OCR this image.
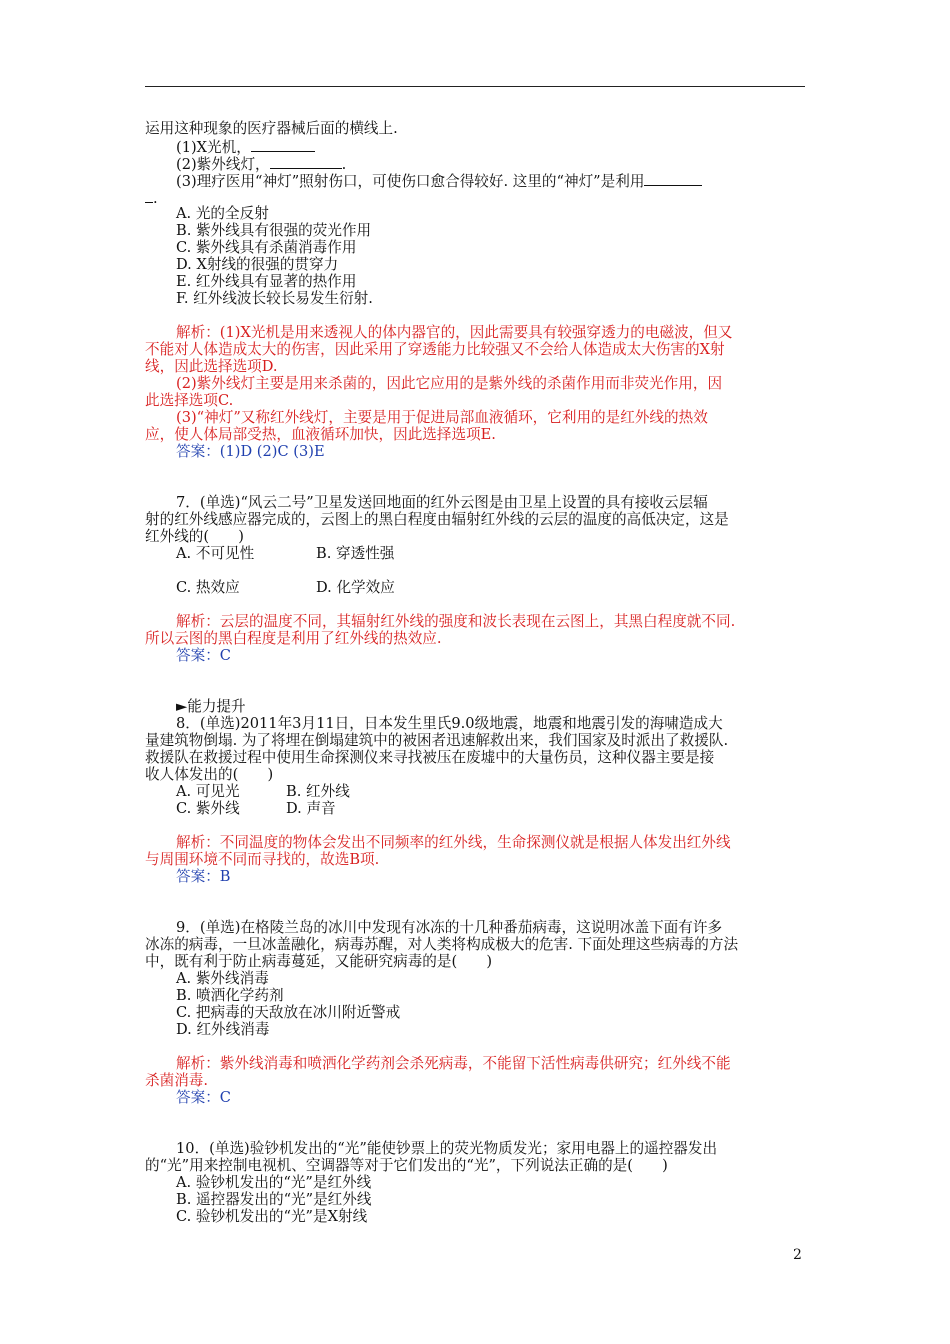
运用这种现象的医疗器械后面的横线上.
(1)X光机，
(2)紫外线灯，	.
(3)理疗医用“神灯”照射伤口，可使伤口愈合得较好. 这里的“神灯”是利用
.
A. 光的全反射
B. 紫外线具有很强的荧光作用
C. 紫外线具有杀菌消毒作用
D. X射线的很强的贯穿力
E. 红外线具有显著的热作用
F. 红外线波长较长易发生衍射.
解析：(1)X光机是用来透视人的体内器官的，因此需要具有较强穿透力的电磁波，但又
不能对人体造成太大的伤害，因此采用了穿透能力比较强又不会给人体造成太大伤害的X射
线，因此选择选项D.
(2)紫外线灯主要是用来杀菌的，因此它应用的是紫外线的杀菌作用而非荧光作用，因
此选择选项C.
(3)“神灯”又称红外线灯，主要是用于促进局部血液循环，它利用的是红外线的热效
应，使人体局部受热，血液循环加快，因此选择选项E.
答案：(1)D (2)C (3)E
7．(单选)“风云二号”卫星发送回地面的红外云图是由卫星上设置的具有接收云层辐
射的红外线感应器完成的，云图上的黑白程度由辐射红外线的云层的温度的高低决定，这是
红外线的(　　)
A. 不可见性	B. 穿透性强
C. 热效应	D. 化学效应
解析：云层的温度不同，其辐射红外线的强度和波长表现在云图上，其黑白程度就不同.
所以云图的黑白程度是利用了红外线的热效应.
答案：C
►能力提升
8．(单选)2011年3月11日，日本发生里氏9.0级地震，地震和地震引发的海啸造成大
量建筑物倒塌. 为了将埋在倒塌建筑中的被困者迅速解救出来，我们国家及时派出了救援队.
救援队在救援过程中使用生命探测仪来寻找被压在废墟中的大量伤员，这种仪器主要是接
收人体发出的(　　)
A. 可见光	B. 红外线
C. 紫外线	D. 声音
解析：不同温度的物体会发出不同频率的红外线，生命探测仪就是根据人体发出红外线
与周围环境不同而寻找的，故选B项.
答案：B
9．(单选)在格陵兰岛的冰川中发现有冰冻的十几种番茄病毒，这说明冰盖下面有许多
冰冻的病毒，一旦冰盖融化，病毒苏醒，对人类将构成极大的危害. 下面处理这些病毒的方法
中，既有利于防止病毒蔓延，又能研究病毒的是(　　)
A. 紫外线消毒
B. 喷洒化学药剂
C. 把病毒的天敌放在冰川附近警戒
D. 红外线消毒
解析：紫外线消毒和喷洒化学药剂会杀死病毒，不能留下活性病毒供研究；红外线不能
杀菌消毒.
答案：C
10．(单选)验钞机发出的“光”能使钞票上的荧光物质发光；家用电器上的遥控器发出
的“光”用来控制电视机、空调器等对于它们发出的“光”，下列说法正确的是(　　)
A. 验钞机发出的“光”是红外线
B. 遥控器发出的“光”是红外线
C. 验钞机发出的“光”是X射线
2
